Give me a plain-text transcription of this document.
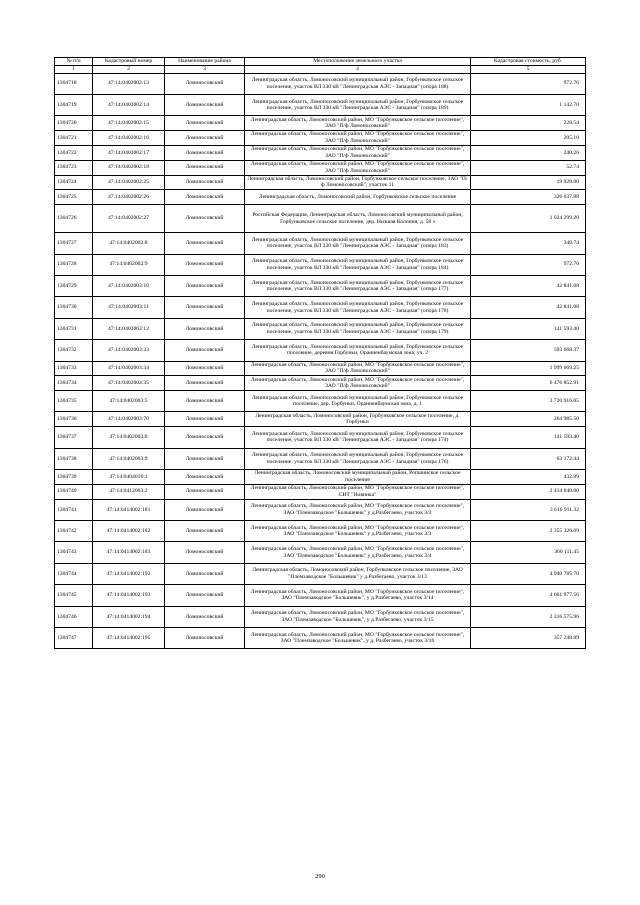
№ п/п	Кадастровый номер	Наименование района	Местоположение земельного участка	Кадастровая стоимость, руб.
1	2	3	4	5
1304718	47:14:0402002:13	Ломоносовский	Ленинградская область, Ломоносовский муниципальный район, Горбунковское сельское поселение, участок ВЛ 330 кВ "Ленинградская АЭС - Западная" (опора 188)	972.76
1304719	47:14:0402002:14	Ломоносовский	Ленинградская область, Ломоносовский муниципальный район, Горбунковское сельское поселение, участок ВЛ 330 кВ "Ленинградская АЭС - Западная" (опора 189)	1 142.70
1304720	47:14:0402002:15	Ломоносовский	Ленинградская область, Ломоносовский район, МО "Горбунковское сельское поселение", ЗАО "П/ф Ломоносовский"	228.54
1304721	47:14:0402002:16	Ломоносовский	Ленинградская область, Ломоносовский район, МО "Горбунковское сельское поселение", ЗАО "П/ф Ломоносовский"	205.10
1304722	47:14:0402002:17	Ломоносовский	Ленинградская область, Ломоносовский район, МО "Горбунковское сельское поселение", ЗАО "П/ф Ломоносовский"	240.26
1304723	47:14:0402002:18	Ломоносовский	Ленинградская область, Ломоносовский район, МО "Горбунковское сельское поселение", ЗАО "П/ф Ломоносовский"	52.74
1304724	47:14:0402002:25	Ломоносовский	Ленинградская область, Ломоносовский район, Горбунковское сельское поселение, ЗАО "П/ф Ломоносовский", участок 11	19 928.00
1304725	47:14:0402002:26	Ломоносовский	Ленинградская область, Ломоносовский район, Горбунковское сельское поселение	326 037.88
1304726	47:14:0402002:27	Ломоносовский	Российская Федерация, Ленинградская область, Ломоносовский муниципальный район, Горбунковское сельское поселение, дер. Низшая Колония, д. 58 з	1 024 299.20
1304727	47:14:0402002:8	Ломоносовский	Ленинградская область, Ломоносовский муниципальный район, Горбунковское сельское поселение, участок ВЛ 330 кВ "Ленинградская АЭС - Западная" (опора 183)	348.74
1304728	47:14:0402002:9	Ломоносовский	Ленинградская область, Ломоносовский муниципальный район, Горбунковское сельское поселение, участок ВЛ 330 кВ "Ленинградская АЭС - Западная" (опора 184)	972.76
1304729	47:14:0402003:10	Ломоносовский	Ленинградская область, Ломоносовский муниципальный район, Горбунковское сельское поселение, участок ВЛ 330 кВ "Ленинградская АЭС - Западная" (опора 177)	42 841.08
1304730	47:14:0402003:11	Ломоносовский	Ленинградская область, Ломоносовский муниципальный район, Горбунковское сельское поселение, участок ВЛ 330 кВ "Ленинградская АЭС - Западная" (опора 178)	42 841.08
1304731	47:14:0402003:12	Ломоносовский	Ленинградская область, Ломоносовский муниципальный район, Горбунковское сельское поселение, участок ВЛ 330 кВ "Ленинградская АЭС - Западная" (опора 179)	141 593.40
1304732	47:14:0402003:33	Ломоносовский	Ленинградская область, Ломоносовский муниципальный район, Горбунковское сельское поселение, деревня Горбунки, Ораниенбаумская зона, уч. 2	593 668.37
1304733	47:14:0402003:34	Ломоносовский	Ленинградская область, Ломоносовский район, МО "Горбунковское сельское поселение", ЗАО "П/ф Ломоносовский"	1 999 669.25
1304734	47:14:0402003:35	Ломоносовский	Ленинградская область, Ломоносовский район, МО "Горбунковское сельское поселение", ЗАО "П/ф Ломоносовский"	6 476 852.91
1304735	47:14:0402003:5	Ломоносовский	Ленинградская область, Ломоносовский муниципальный район, Горбунковское сельское поселение, дер. Горбунки, Ораниенбаумская зона, д. 1	3 720 916.05
1304736	47:14:0402003:70	Ломоносовский	Ленинградская область, Ломоносовский район, Горбунковское сельское поселение, д. Горбунки	264 985.50
1304737	47:14:0402003:8	Ломоносовский	Ленинградская область, Ломоносовский муниципальный район, Горбунковское сельское поселение, участок ВЛ 330 кВ "Ленинградская АЭС - Западная" (опора 174)	141 593.40
1304738	47:14:0402003:9	Ломоносовский	Ленинградская область, Ломоносовский муниципальный район, Горбунковское сельское поселение, участок ВЛ 330 кВ "Ленинградская АЭС - Западная" (опора 176)	63 172.44
1304739	47:14:0404016:1	Ломоносовский	Ленинградская область, Ломоносовский муниципальный район, Ропшинское сельское поселение	432.89
1304740	47:14:0412003:2	Ломоносовский	Ленинградская область, Ломоносовский район, МО "Горбунковское сельское поселение", СНТ "Новинка"	2 414 840.00
1304741	47:14:0414002:181	Ломоносовский	Ленинградская область, Ломоносовский район, МО "Горбунковское сельское поселение", ЗАО "Племзаводское "Большевик" у д.Разбегаево, участок 3/2	3 616 911.32
1304742	47:14:0414002:182	Ломоносовский	Ленинградская область, Ломоносовский район, МО "Горбунковское сельское поселение", ЗАО "Племзаводское "Большевик" у д.Разбегаево, участок 3/3	2 355 326.09
1304743	47:14:0414002:183	Ломоносовский	Ленинградская область, Ломоносовский район, МО "Горбунковское сельское поселение", ЗАО "Племзаводское "Большевик" у д.Разбегаево, участок 3/4	360 111.45
1304744	47:14:0414002:192	Ломоносовский	Ленинградская область, Ломоносовский район, Горбунковское сельское поселение, ЗАО "Племзаводское "Большевик" у д.Разбегаево, участок 3/13	4 940 785.70
1304745	47:14:0414002:193	Ломоносовский	Ленинградская область, Ломоносовский район, МО "Горбунковское сельское поселение", ЗАО "Племзаводское "Большевик", у д.Разбегаево, участок 3/14	4 661 977.56
1304746	47:14:0414002:194	Ломоносовский	Ленинградская область, Ломоносовский район, МО "Горбунковское сельское поселение", ЗАО "Племзаводское "Большевик", у д.Разбегаево, участок 3/15	2 316 575.96
1304747	47:14:0414002:195	Ломоносовский	Ленинградская область, Ломоносовский район, МО "Горбунковское сельское поселение", ЗАО "Племзаводское "Большевик", у д. Разбегаево, участок 3/16	357 248.89
290
